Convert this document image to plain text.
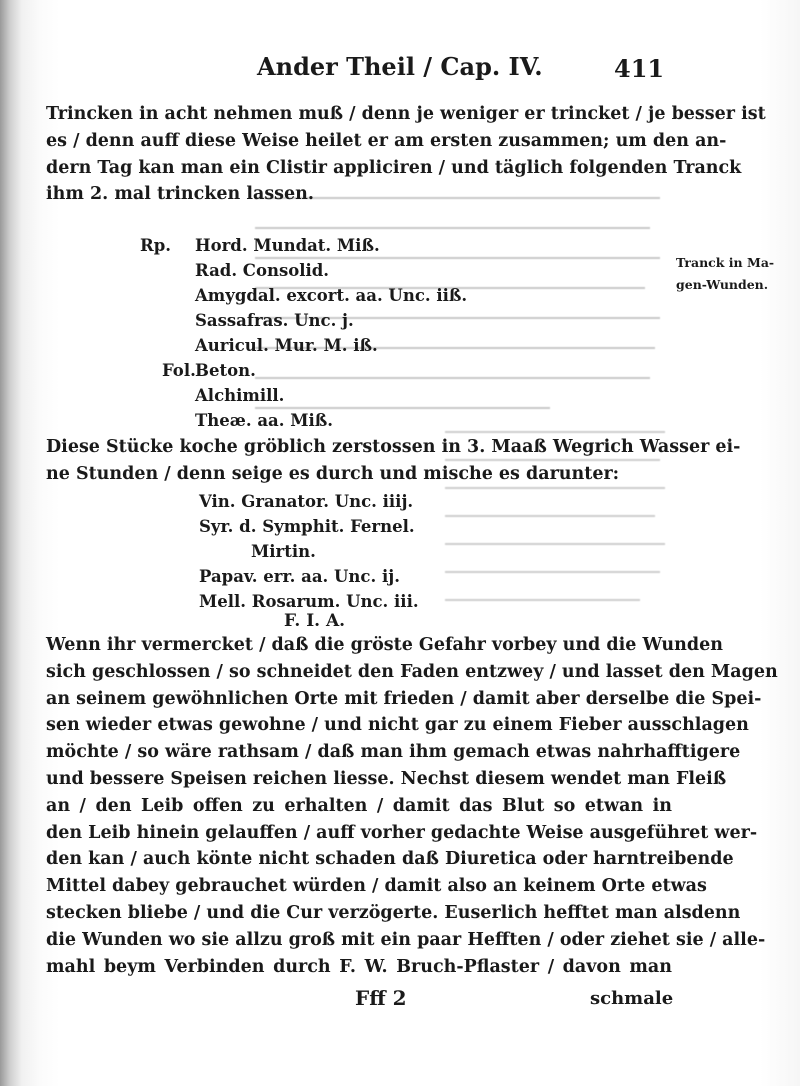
Ander Theil / Cap. IV.	411
Trincken in acht nehmen muß / denn je weniger er trincket / je besser ist
es / denn auff diese Weise heilet er am ersten zusammen; um den an-
dern Tag kan man ein Clistir appliciren / und täglich folgenden Tranck
ihm 2. mal trincken lassen.
Rp. Hord. Mundat. Miß.
Rad. Consolid.
Amygdal. excort. aa. Unc. iiß.
Sassafras. Unc. j.
Auricul. Mur. M. iß.
Fol. Beton.
Alchimill.
Theæ. aa. Miß.
Tranck in Ma-
gen-Wunden.
Diese Stücke koche gröblich zerstossen in 3. Maaß Wegrich Wasser ei-
ne Stunden / denn seige es durch und mische es darunter:
Vin. Granator. Unc. iiij.
Syr. d. Symphit. Fernel.
Mirtin.
Papav. err. aa. Unc. ij.
Mell. Rosarum. Unc. iii.
F. I. A.
Wenn ihr vermercket / daß die gröste Gefahr vorbey und die Wunden
sich geschlossen / so schneidet den Faden entzwey / und lasset den Magen
an seinem gewöhnlichen Orte mit frieden / damit aber derselbe die Spei-
sen wieder etwas gewohne / und nicht gar zu einem Fieber ausschlagen
möchte / so wäre rathsam / daß man ihm gemach etwas nahrhafftigere
und bessere Speisen reichen liesse. Nechst diesem wendet man Fleiß
an / den Leib offen zu erhalten / damit das Blut so etwan in
den Leib hinein gelauffen / auff vorher gedachte Weise ausgeführet wer-
den kan / auch könte nicht schaden daß Diuretica oder harntreibende
Mittel dabey gebrauchet würden / damit also an keinem Orte etwas
stecken bliebe / und die Cur verzögerte. Euserlich hefftet man alsdenn
die Wunden wo sie allzu groß mit ein paar Hefften / oder ziehet sie / alle-
mahl beym Verbinden durch F. W. Bruch-Pflaster / davon man
Fff 2	schmale
